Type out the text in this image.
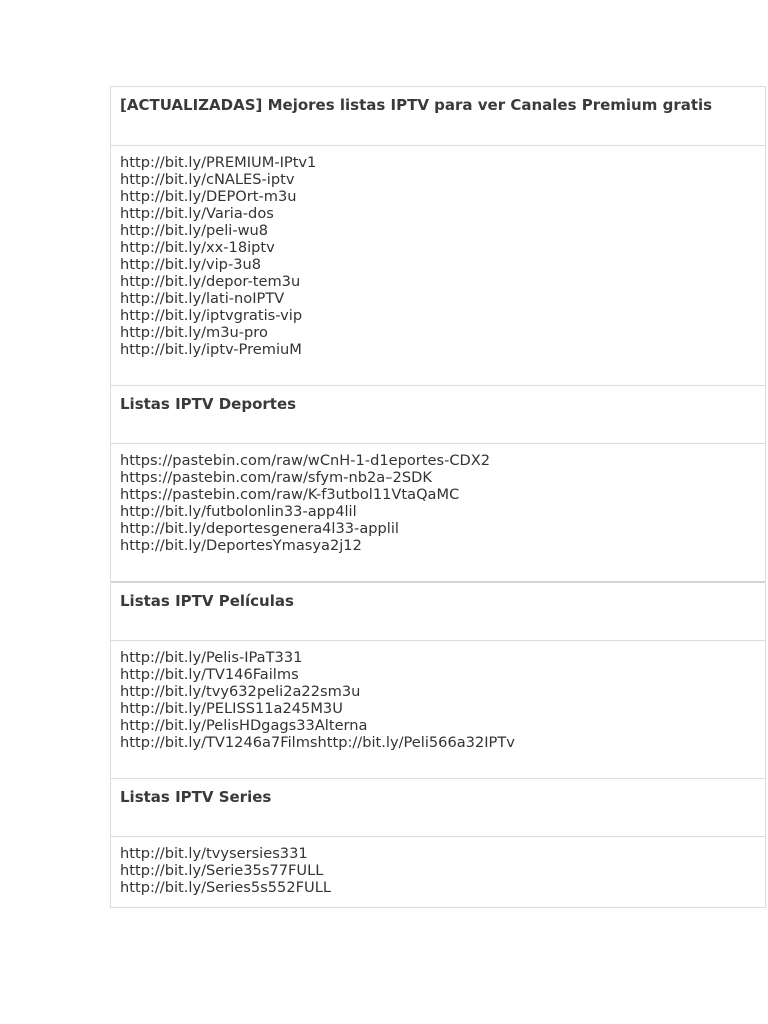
[ACTUALIZADAS] Mejores listas IPTV para ver Canales Premium gratis
http://bit.ly/PREMIUM-IPtv1
http://bit.ly/cNALES-iptv
http://bit.ly/DEPOrt-m3u
http://bit.ly/Varia-dos
http://bit.ly/peli-wu8
http://bit.ly/xx-18iptv
http://bit.ly/vip-3u8
http://bit.ly/depor-tem3u
http://bit.ly/lati-noIPTV
http://bit.ly/iptvgratis-vip
http://bit.ly/m3u-pro
http://bit.ly/iptv-PremiuM
Listas IPTV Deportes
https://pastebin.com/raw/wCnH-1-d1eportes-CDX2
https://pastebin.com/raw/sfym-nb2a–2SDK
https://pastebin.com/raw/K-f3utbol11VtaQaMC
http://bit.ly/futbolonlin33-app4lil
http://bit.ly/deportesgenera4l33-applil
http://bit.ly/DeportesYmasya2j12
Listas IPTV Películas
http://bit.ly/Pelis-IPaT331
http://bit.ly/TV146Failms
http://bit.ly/tvy632peli2a22sm3u
http://bit.ly/PELISS11a245M3U
http://bit.ly/PelisHDgags33Alterna
http://bit.ly/TV1246a7Filmshttp://bit.ly/Peli566a32IPTv
Listas IPTV Series
http://bit.ly/tvysersies331
http://bit.ly/Serie35s77FULL
http://bit.ly/Series5s552FULL
